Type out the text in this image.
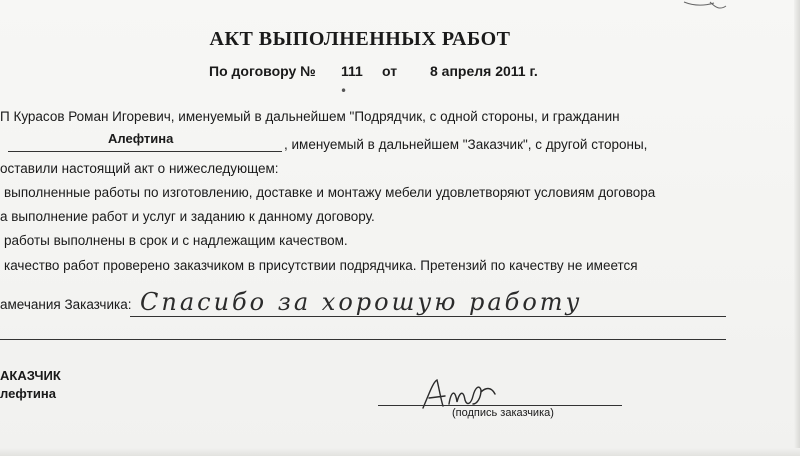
АКТ ВЫПОЛНЕННЫХ РАБОТ
По договору № 111 от 8 апреля 2011 г.
•
П Курасов Роман Игоревич, именуемый в дальнейшем "Подрядчик, с одной стороны, и гражданин
Алефтина	, именуемый в дальнейшем "Заказчик", с другой стороны,
оставили настоящий акт о нижеследующем:
выполненные работы по изготовлению, доставке и монтажу мебели удовлетворяют условиям договора
а выполнение работ и услуг и заданию к данному договору.
работы выполнены в срок и с надлежащим качеством.
качество работ проверено заказчиком в присутствии подрядчика. Претензий по качеству не имеется
амечания Заказчика: Спасибо за хорошую работу
АКАЗЧИК
лефтина
(подпись заказчика)
